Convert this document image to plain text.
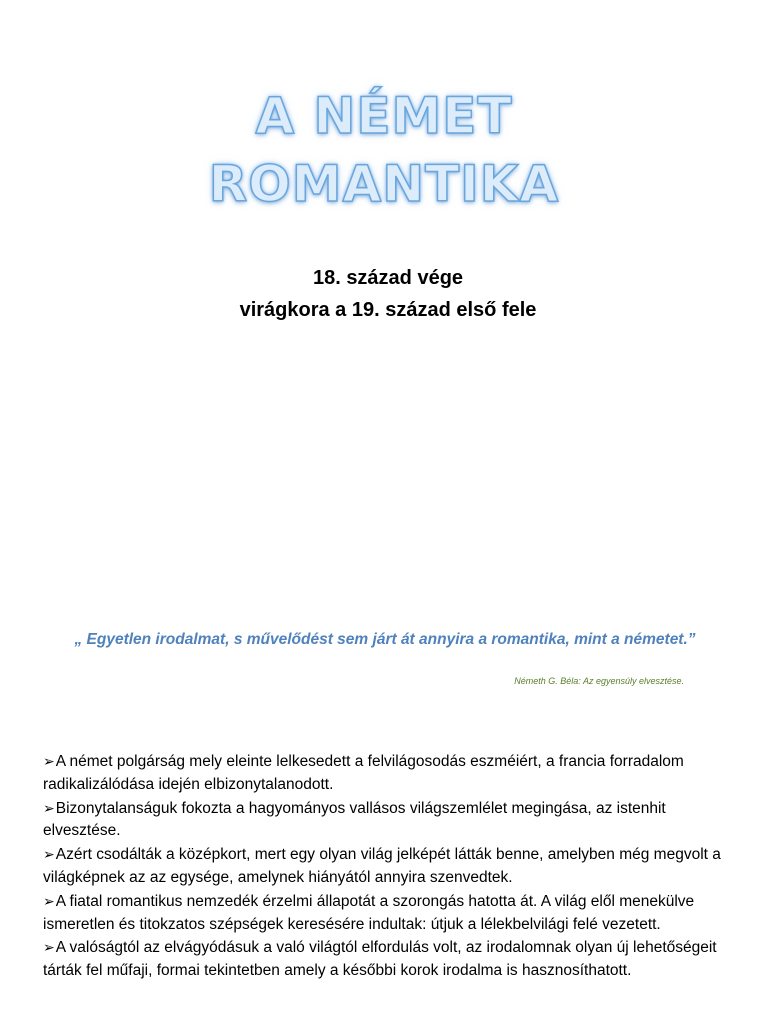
A NÉMET
ROMANTIKA
18. század vége
virágkora a 19. század első fele
„ Egyetlen irodalmat, s művelődést sem járt át annyira a romantika, mint a németet.”
Németh G. Béla: Az egyensúly elvesztése.
➢A német polgárság mely eleinte lelkesedett a felvilágosodás eszméiért, a francia forradalom radikalizálódása idején elbizonytalanodott.
➢Bizonytalanságuk fokozta a hagyományos vallásos világszemlélet megingása, az istenhit elvesztése.
➢Azért csodálták a középkort, mert egy olyan világ jelképét látták benne, amelyben még megvolt a világképnek az az egysége, amelynek hiányától annyira szenvedtek.
➢A fiatal romantikus nemzedék érzelmi állapotát a szorongás hatotta át. A világ elől menekülve ismeretlen és titokzatos szépségek keresésére indultak: útjuk a lélekbelvilági felé vezetett.
➢A valóságtól az elvágyódásuk a való világtól elfordulás volt, az irodalomnak olyan új lehetőségeit tárták fel műfaji, formai tekintetben amely a későbbi korok irodalma is hasznosíthatott.
